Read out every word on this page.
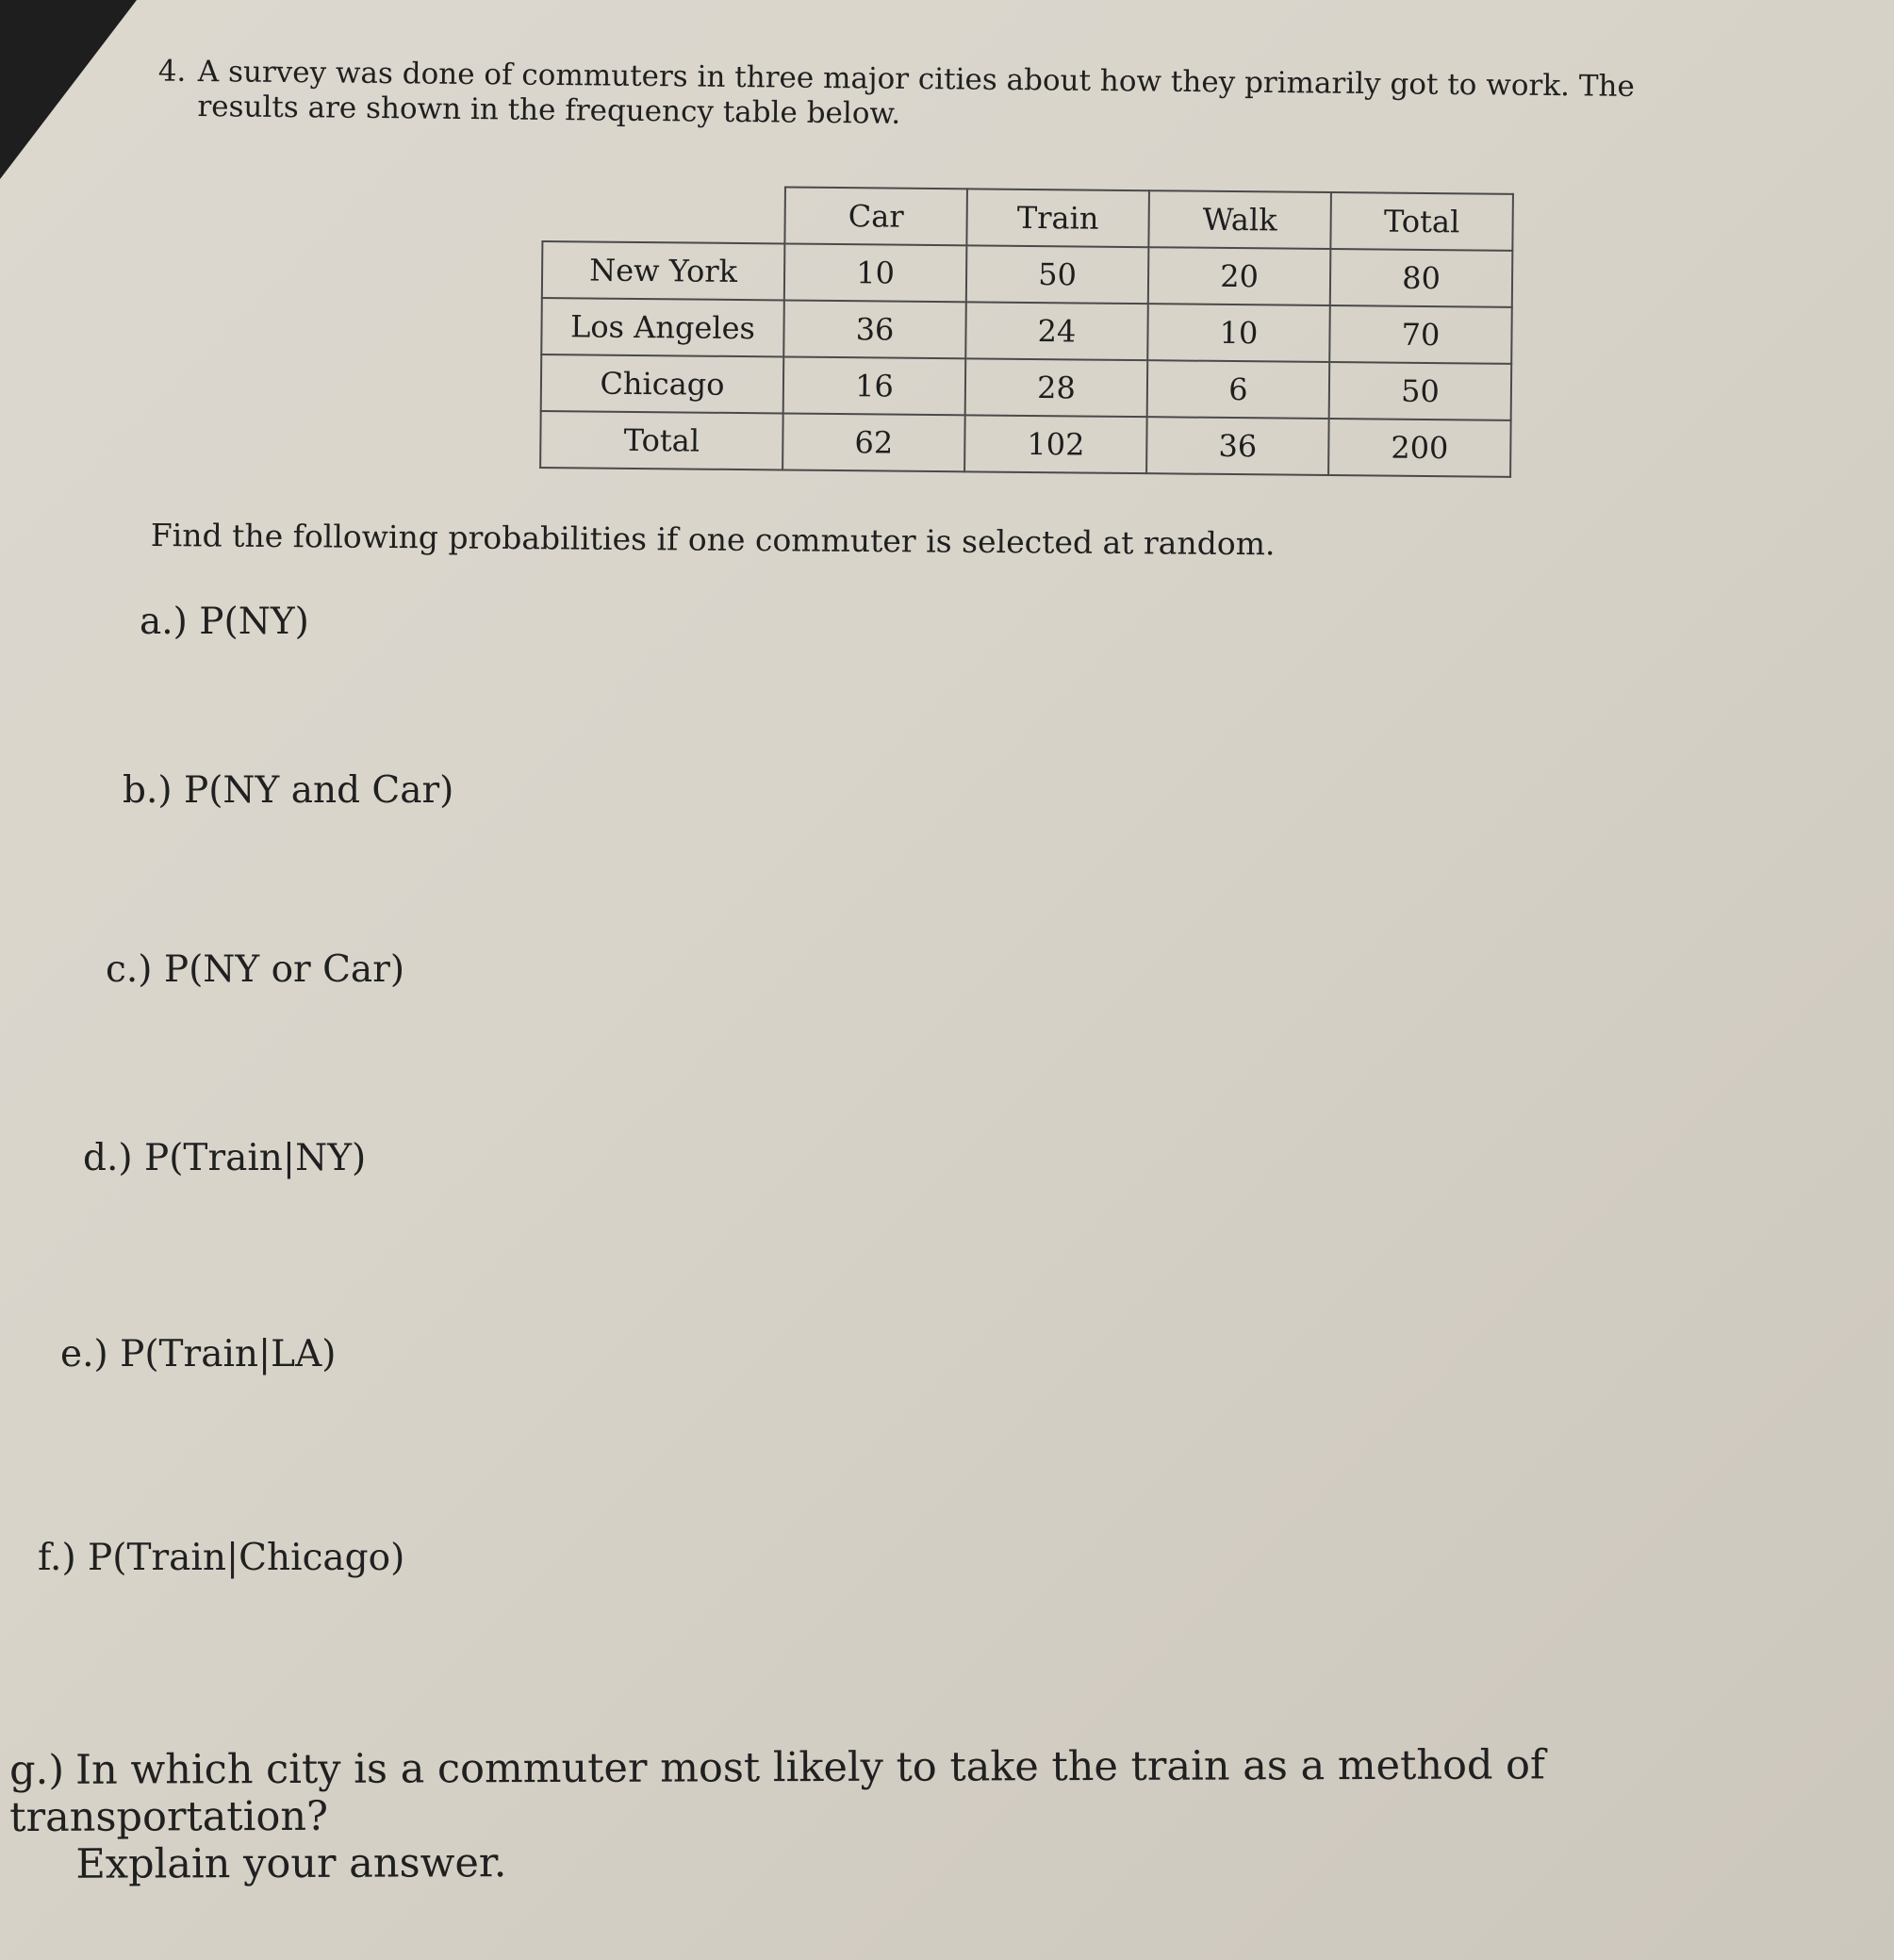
4. A survey was done of commuters in three major cities about how they primarily got to work. The results are shown in the frequency table below.

	Car	Train	Walk	Total
New York	10	50	20	80
Los Angeles	36	24	10	70
Chicago	16	28	6	50
Total	62	102	36	200
Find the following probabilities if one commuter is selected at random.
a.) P(NY)
b.) P(NY and Car)
c.) P(NY or Car)
d.) P(Train|NY)
e.) P(Train|LA)
f.) P(Train|Chicago)
g.) In which city is a commuter most likely to take the train as a method of transportation?
Explain your answer.
